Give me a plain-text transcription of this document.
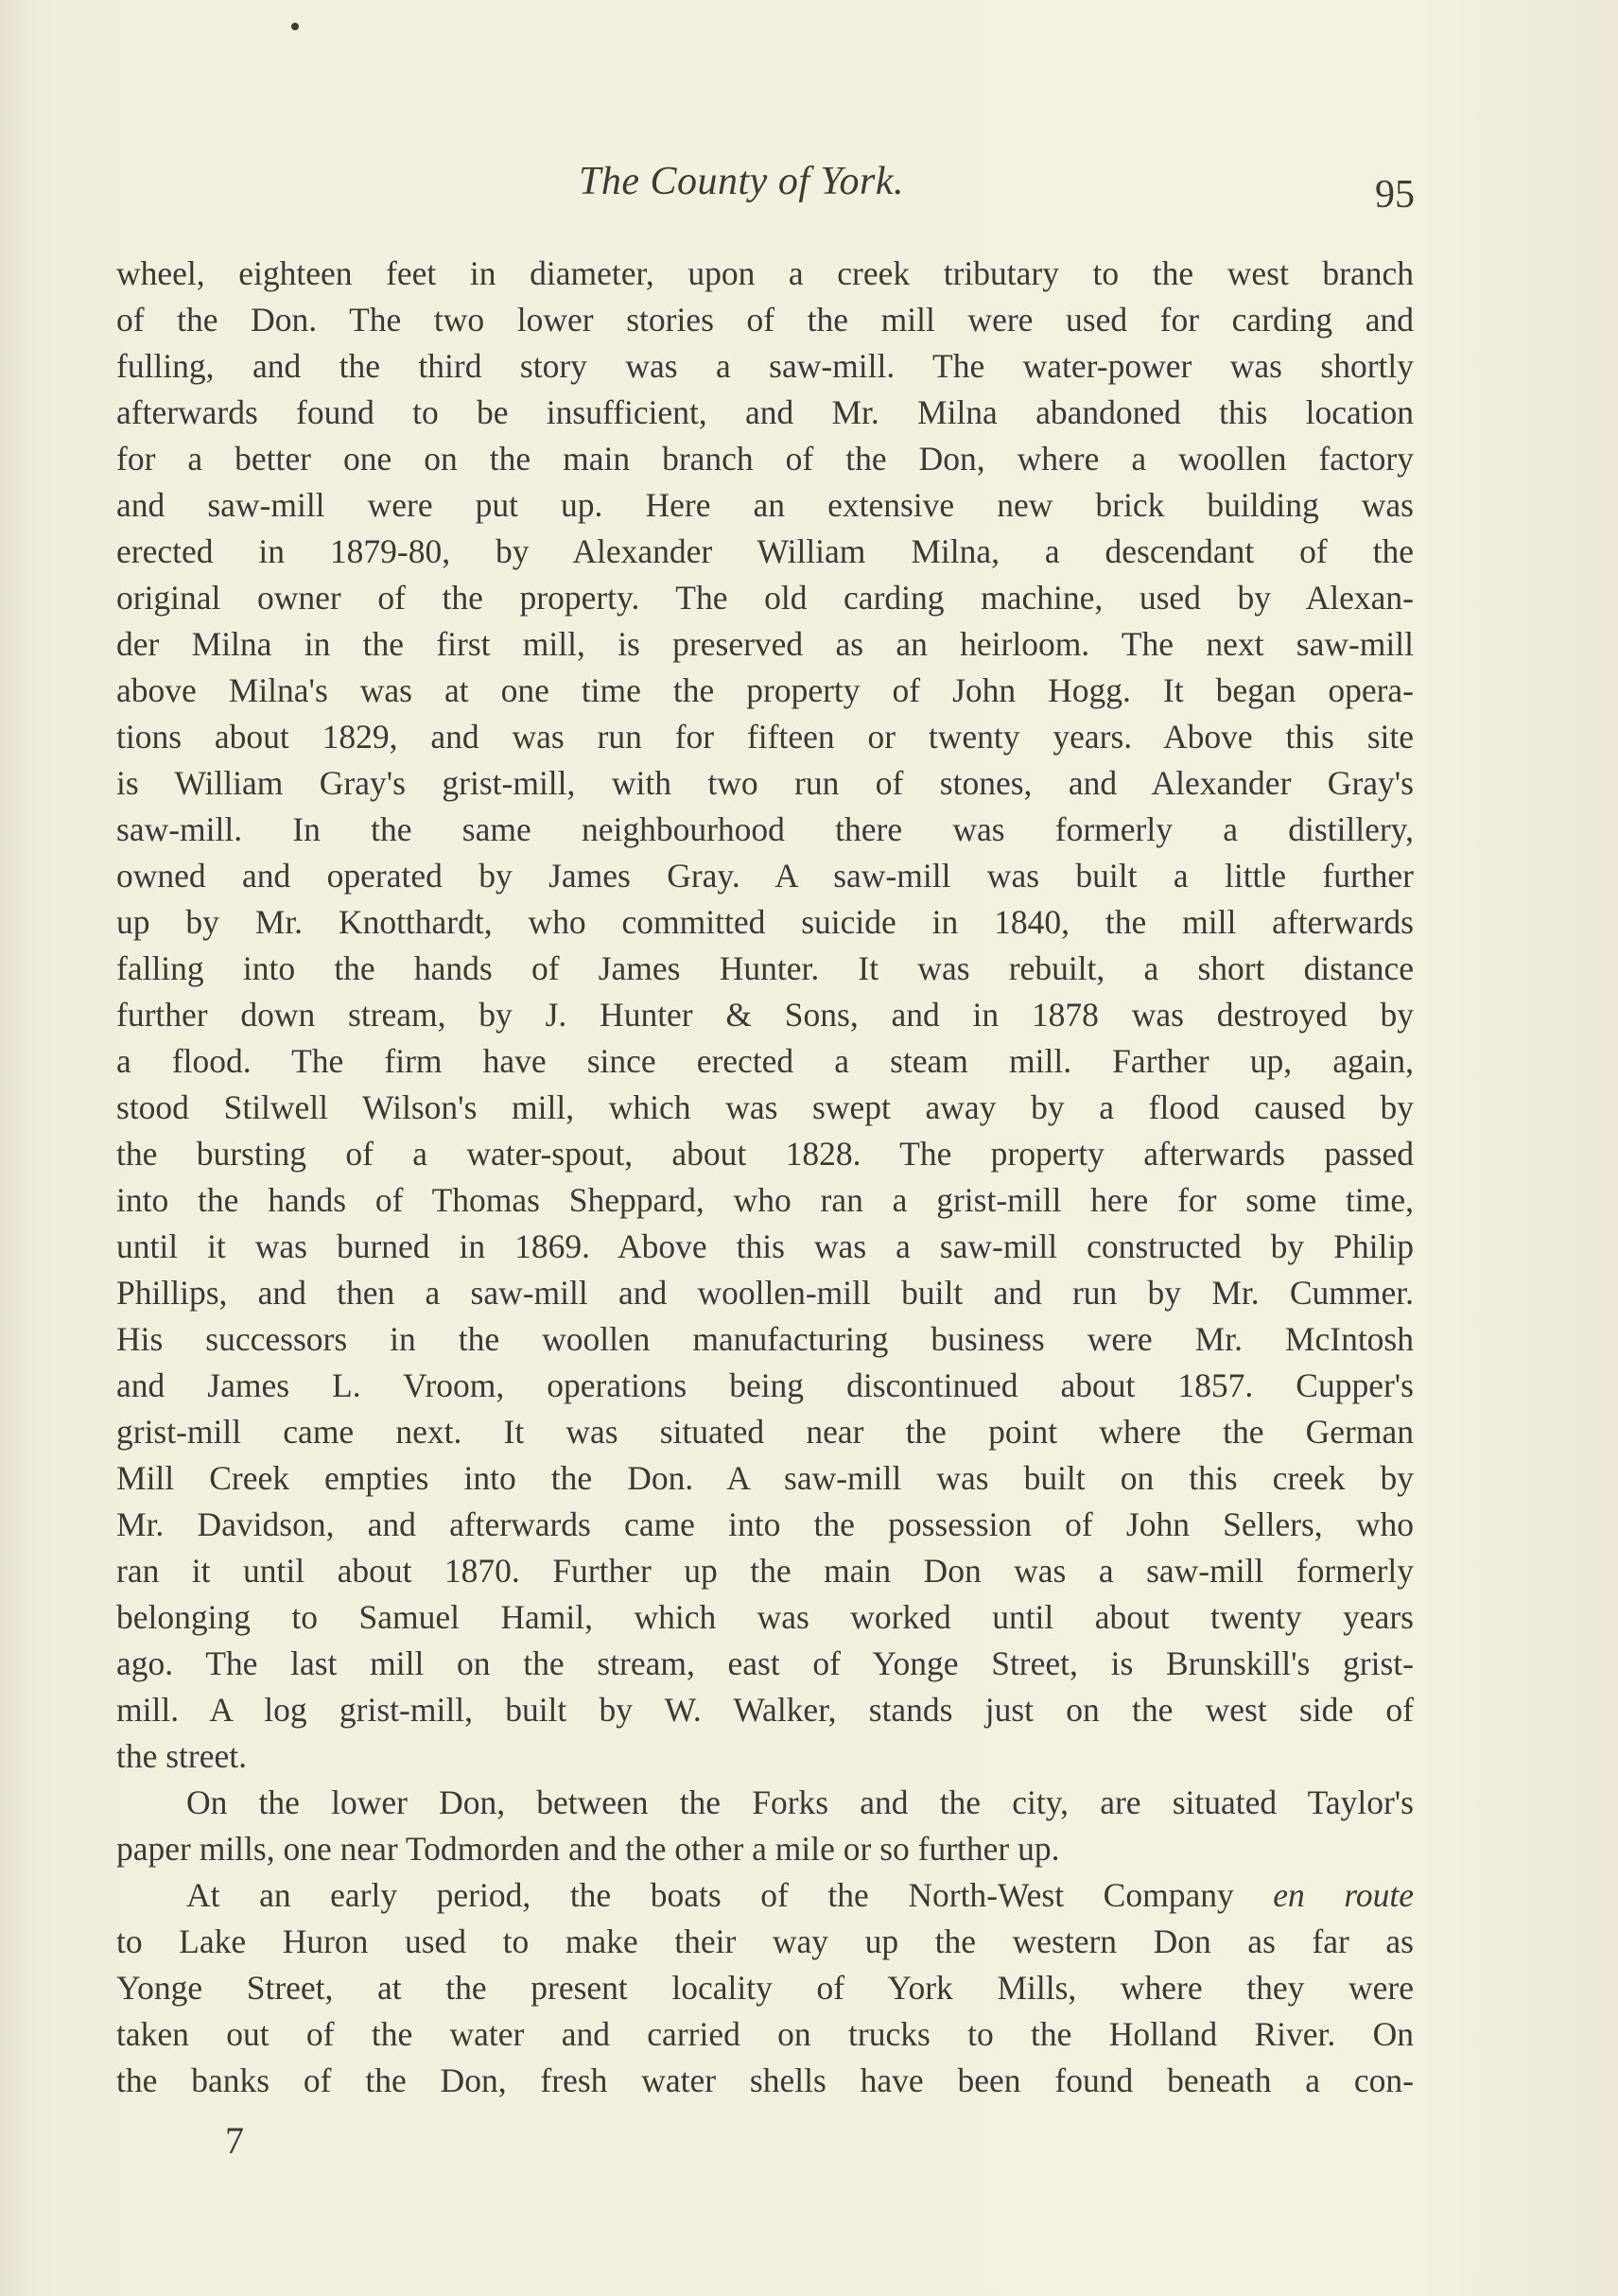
The County of York.	95
wheel, eighteen feet in diameter, upon a creek tributary to the west branch
of the Don. The two lower stories of the mill were used for carding and
fulling, and the third story was a saw-mill. The water-power was shortly
afterwards found to be insufficient, and Mr. Milna abandoned this location
for a better one on the main branch of the Don, where a woollen factory
and saw-mill were put up. Here an extensive new brick building was
erected in 1879-80, by Alexander William Milna, a descendant of the
original owner of the property. The old carding machine, used by Alexan-
der Milna in the first mill, is preserved as an heirloom. The next saw-mill
above Milna's was at one time the property of John Hogg. It began opera-
tions about 1829, and was run for fifteen or twenty years. Above this site
is William Gray's grist-mill, with two run of stones, and Alexander Gray's
saw-mill. In the same neighbourhood there was formerly a distillery,
owned and operated by James Gray. A saw-mill was built a little further
up by Mr. Knotthardt, who committed suicide in 1840, the mill afterwards
falling into the hands of James Hunter. It was rebuilt, a short distance
further down stream, by J. Hunter & Sons, and in 1878 was destroyed by
a flood. The firm have since erected a steam mill. Farther up, again,
stood Stilwell Wilson's mill, which was swept away by a flood caused by
the bursting of a water-spout, about 1828. The property afterwards passed
into the hands of Thomas Sheppard, who ran a grist-mill here for some time,
until it was burned in 1869. Above this was a saw-mill constructed by Philip
Phillips, and then a saw-mill and woollen-mill built and run by Mr. Cummer.
His successors in the woollen manufacturing business were Mr. McIntosh
and James L. Vroom, operations being discontinued about 1857. Cupper's
grist-mill came next. It was situated near the point where the German
Mill Creek empties into the Don. A saw-mill was built on this creek by
Mr. Davidson, and afterwards came into the possession of John Sellers, who
ran it until about 1870. Further up the main Don was a saw-mill formerly
belonging to Samuel Hamil, which was worked until about twenty years
ago. The last mill on the stream, east of Yonge Street, is Brunskill's grist-
mill. A log grist-mill, built by W. Walker, stands just on the west side of
the street.
On the lower Don, between the Forks and the city, are situated Taylor's
paper mills, one near Todmorden and the other a mile or so further up.
At an early period, the boats of the North-West Company en route
to Lake Huron used to make their way up the western Don as far as
Yonge Street, at the present locality of York Mills, where they were
taken out of the water and carried on trucks to the Holland River. On
the banks of the Don, fresh water shells have been found beneath a con-
7
